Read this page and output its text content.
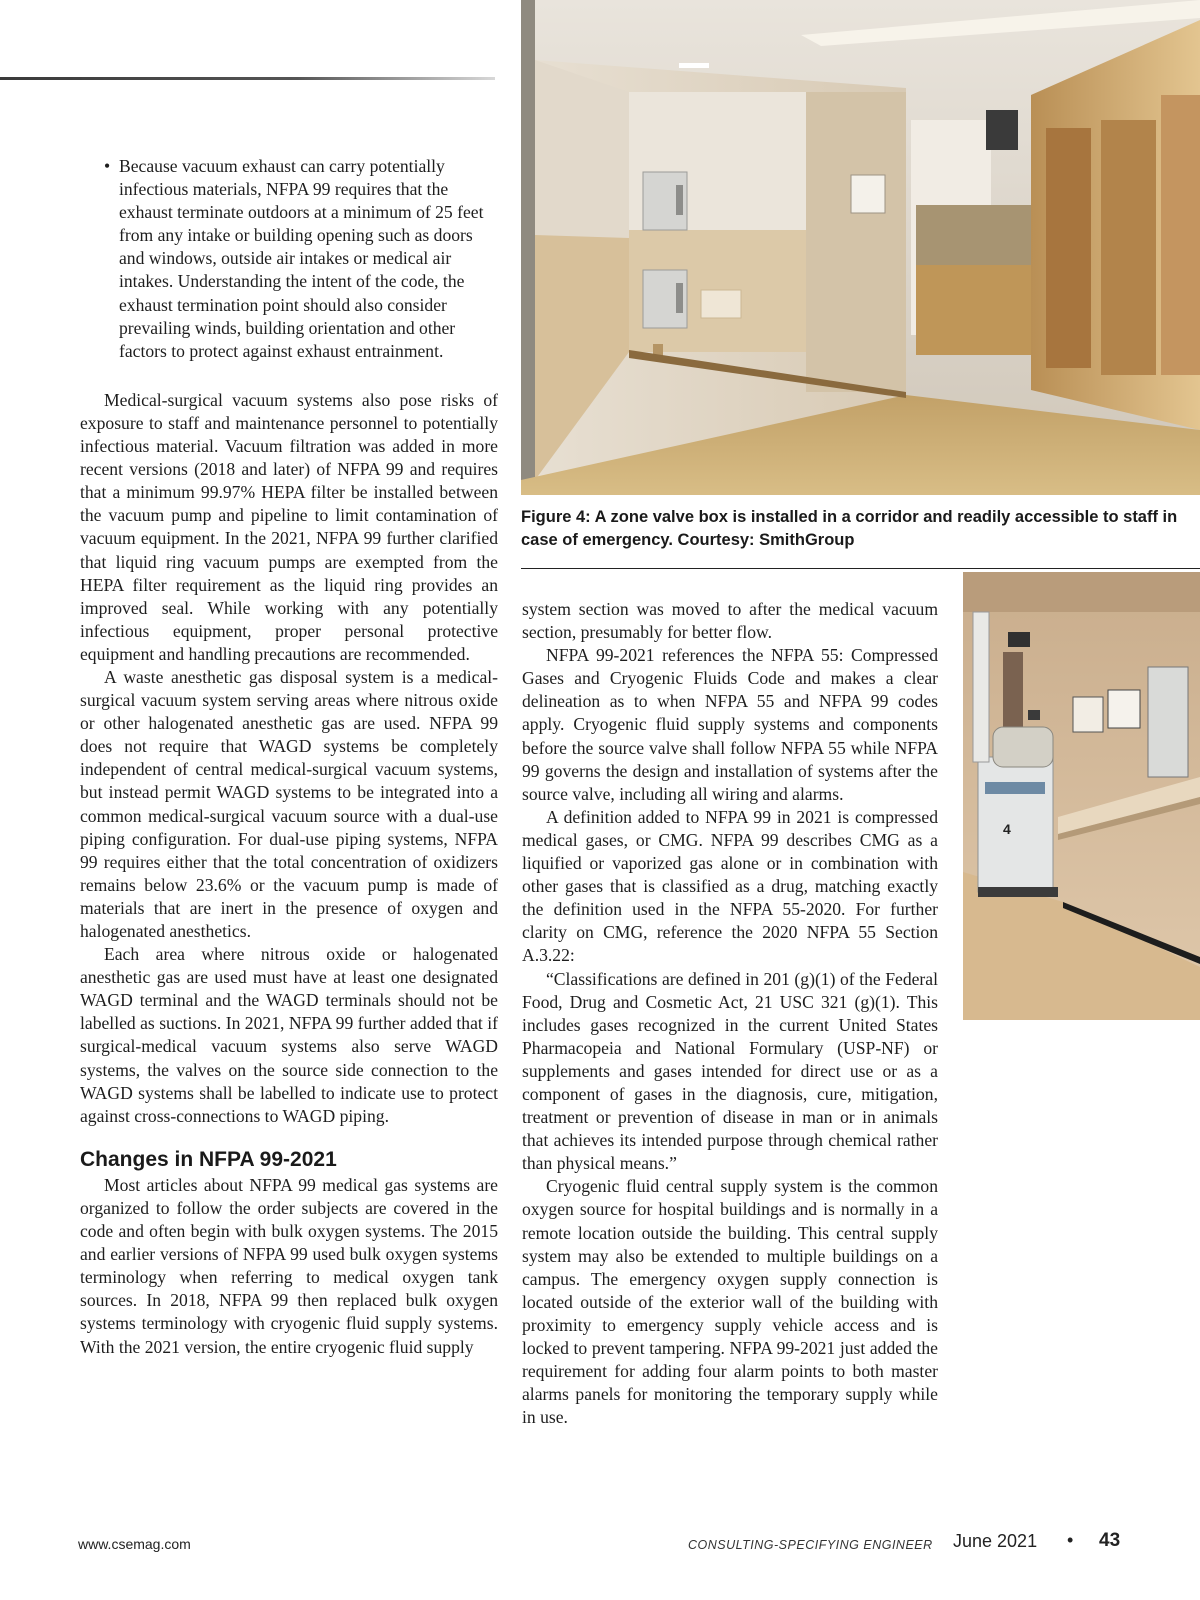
Figure 4: A zone valve box is installed in a corridor and readily accessible to staff in case of emergency. Courtesy: SmithGroup
4
• Because vacuum exhaust can carry potentially infectious materials, NFPA 99 requires that the exhaust terminate outdoors at a minimum of 25 feet from any intake or building opening such as doors and windows, outside air intakes or medical air intakes. Understanding the intent of the code, the exhaust termination point should also consider prevailing winds, building orientation and other factors to protect against exhaust entrainment.

Medical-surgical vacuum systems also pose risks of exposure to staff and maintenance personnel to potentially infectious material. Vacuum filtration was added in more recent versions (2018 and later) of NFPA 99 and requires that a minimum 99.97% HEPA filter be installed between the vacuum pump and pipeline to limit contamination of vacuum equipment. In the 2021, NFPA 99 further clarified that liquid ring vacuum pumps are exempted from the HEPA filter requirement as the liquid ring provides an improved seal. While working with any potentially infectious equipment, proper personal protective equipment and handling precautions are recommended.

A waste anesthetic gas disposal system is a medical-surgical vacuum system serving areas where nitrous oxide or other halogenated anesthetic gas are used. NFPA 99 does not require that WAGD systems be completely independent of central medical-surgical vacuum systems, but instead permit WAGD systems to be integrated into a common medical-surgical vacuum source with a dual-use piping configuration. For dual-use piping systems, NFPA 99 requires either that the total concentration of oxidizers remains below 23.6% or the vacuum pump is made of materials that are inert in the presence of oxygen and halogenated anesthetics.

Each area where nitrous oxide or halogenated anesthetic gas are used must have at least one designated WAGD terminal and the WAGD terminals should not be labelled as suctions. In 2021, NFPA 99 further added that if surgical-medical vacuum systems also serve WAGD systems, the valves on the source side connection to the WAGD systems shall be labelled to indicate use to protect against cross-connections to WAGD piping.

Changes in NFPA 99-2021

Most articles about NFPA 99 medical gas systems are organized to follow the order subjects are covered in the code and often begin with bulk oxygen systems. The 2015 and earlier versions of NFPA 99 used bulk oxygen systems terminology when referring to medical oxygen tank sources. In 2018, NFPA 99 then replaced bulk oxygen systems terminology with cryogenic fluid supply systems. With the 2021 version, the entire cryogenic fluid supply

system section was moved to after the medical vacuum section, presumably for better flow.

NFPA 99-2021 references the NFPA 55: Compressed Gases and Cryogenic Fluids Code and makes a clear delineation as to when NFPA 55 and NFPA 99 codes apply. Cryogenic fluid supply systems and components before the source valve shall follow NFPA 55 while NFPA 99 governs the design and installation of systems after the source valve, including all wiring and alarms.

A definition added to NFPA 99 in 2021 is compressed medical gases, or CMG. NFPA 99 describes CMG as a liquified or vaporized gas alone or in combination with other gases that is classified as a drug, matching exactly the definition used in the NFPA 55-2020. For further clarity on CMG, reference the 2020 NFPA 55 Section A.3.22:

“Classifications are defined in 201 (g)(1) of the Federal Food, Drug and Cosmetic Act, 21 USC 321 (g)(1). This includes gases recognized in the current United States Pharmacopeia and National Formulary (USP-NF) or supplements and gases intended for direct use or as a component of gases in the diagnosis, cure, mitigation, treatment or prevention of disease in man or in animals that achieves its intended purpose through chemical rather than physical means.”

Cryogenic fluid central supply system is the common oxygen source for hospital buildings and is normally in a remote location outside the building. This central supply system may also be extended to multiple buildings on a campus. The emergency oxygen supply connection is located outside of the exterior wall of the building with proximity to emergency supply vehicle access and is locked to prevent tampering. NFPA 99-2021 just added the requirement for adding four alarm points to both master alarms panels for monitoring the temporary supply while in use.

www.csemag.com	CONSULTING-SPECIFYING ENGINEER June 2021 • 43
